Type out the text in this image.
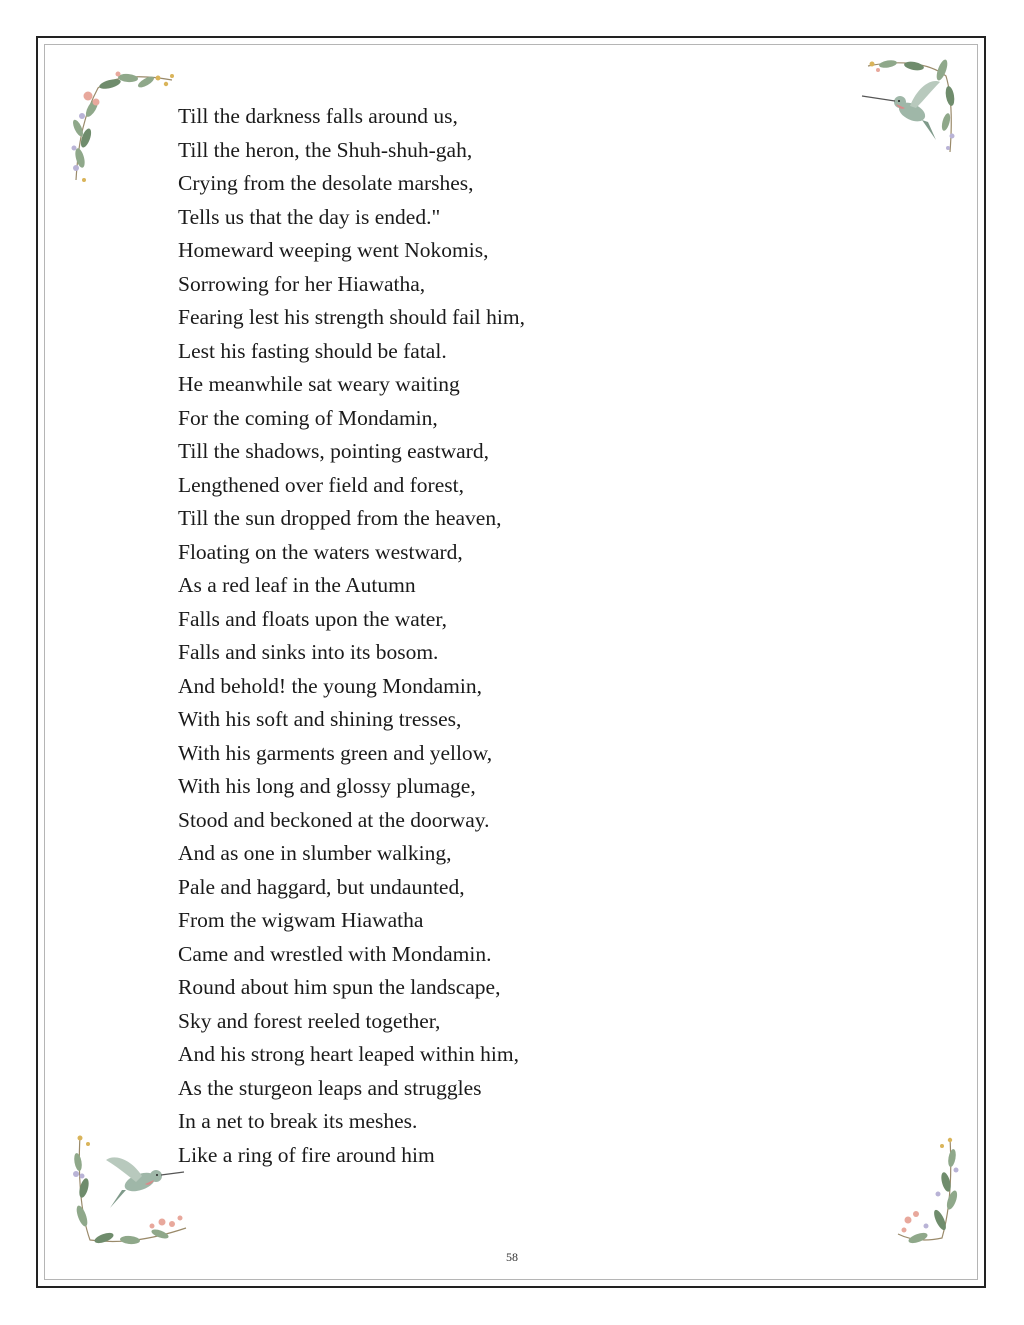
Till the darkness falls around us,
Till the heron, the Shuh-shuh-gah,
Crying from the desolate marshes,
Tells us that the day is ended."
Homeward weeping went Nokomis,
Sorrowing for her Hiawatha,
Fearing lest his strength should fail him,
Lest his fasting should be fatal.
He meanwhile sat weary waiting
For the coming of Mondamin,
Till the shadows, pointing eastward,
Lengthened over field and forest,
Till the sun dropped from the heaven,
Floating on the waters westward,
As a red leaf in the Autumn
Falls and floats upon the water,
Falls and sinks into its bosom.
And behold! the young Mondamin,
With his soft and shining tresses,
With his garments green and yellow,
With his long and glossy plumage,
Stood and beckoned at the doorway.
And as one in slumber walking,
Pale and haggard, but undaunted,
From the wigwam Hiawatha
Came and wrestled with Mondamin.
Round about him spun the landscape,
Sky and forest reeled together,
And his strong heart leaped within him,
As the sturgeon leaps and struggles
In a net to break its meshes.
Like a ring of fire around him
58
